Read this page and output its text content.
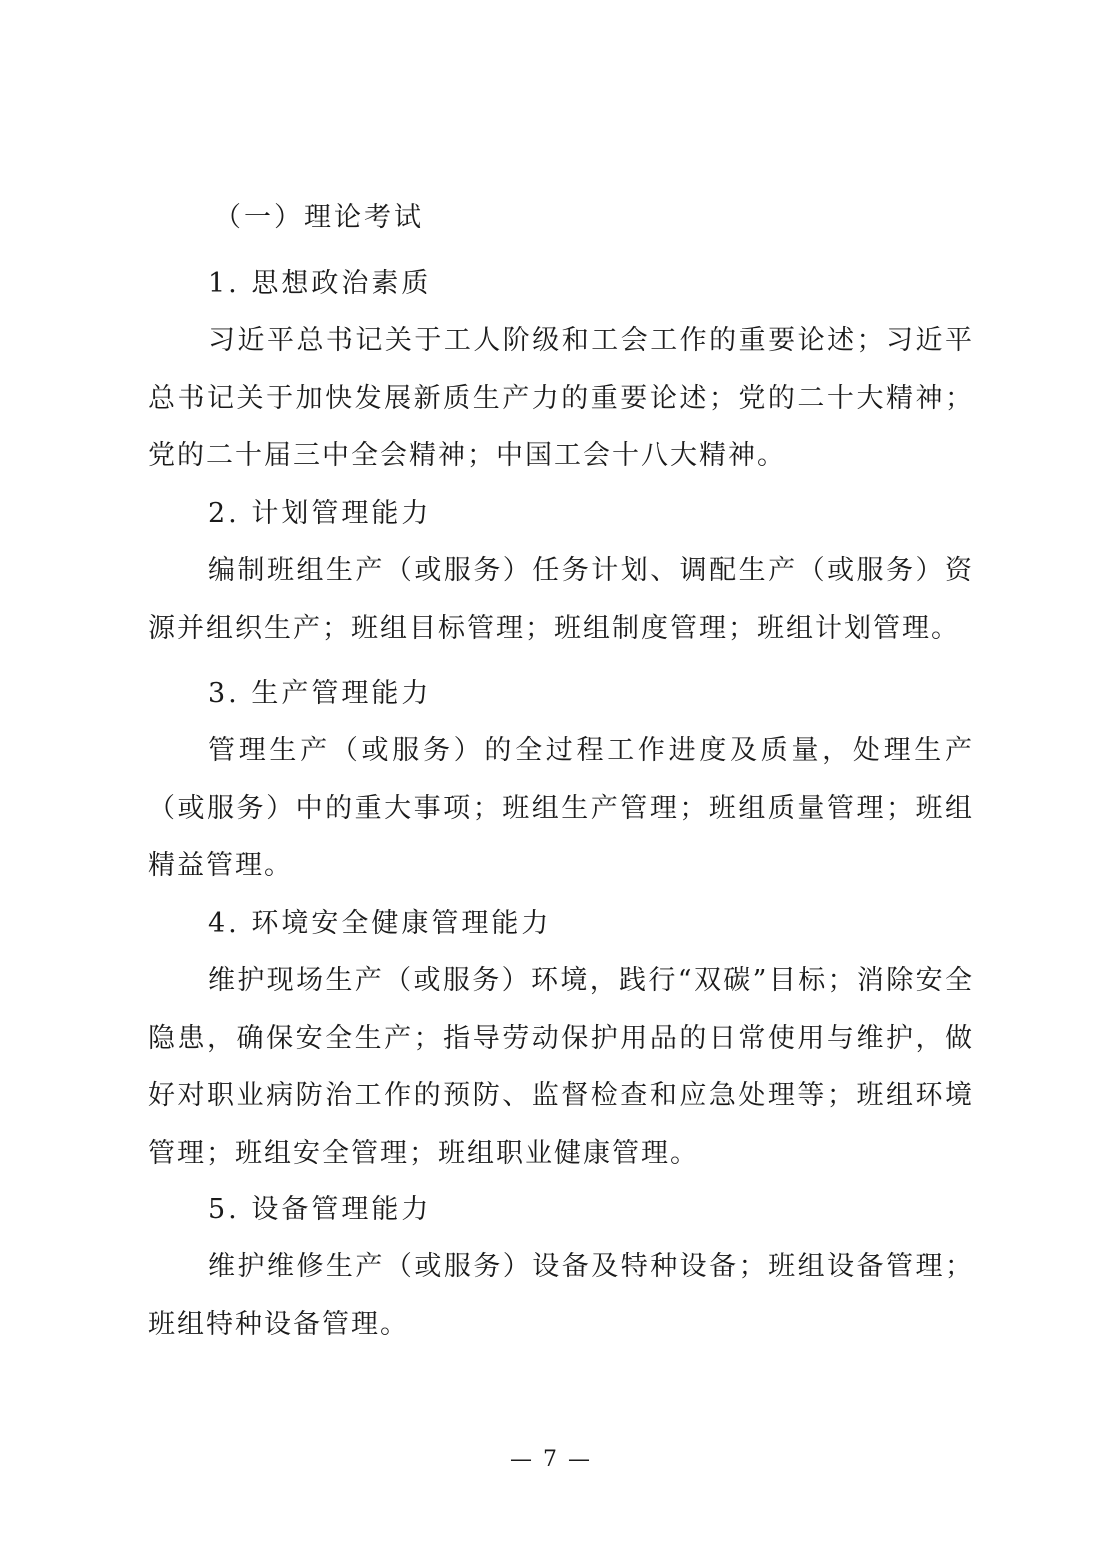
（一）理论考试
1. 思想政治素质
习近平总书记关于工人阶级和工会工作的重要论述；习近平总书记关于加快发展新质生产力的重要论述；党的二十大精神；党的二十届三中全会精神；中国工会十八大精神。
2. 计划管理能力
编制班组生产（或服务）任务计划、调配生产（或服务）资源并组织生产；班组目标管理；班组制度管理；班组计划管理。
3. 生产管理能力
管理生产（或服务）的全过程工作进度及质量，处理生产（或服务）中的重大事项；班组生产管理；班组质量管理；班组精益管理。
4. 环境安全健康管理能力
维护现场生产（或服务）环境，践行“双碳”目标；消除安全隐患，确保安全生产；指导劳动保护用品的日常使用与维护，做好对职业病防治工作的预防、监督检查和应急处理等；班组环境管理；班组安全管理；班组职业健康管理。
5. 设备管理能力
维护维修生产（或服务）设备及特种设备；班组设备管理；班组特种设备管理。
— 7 —
